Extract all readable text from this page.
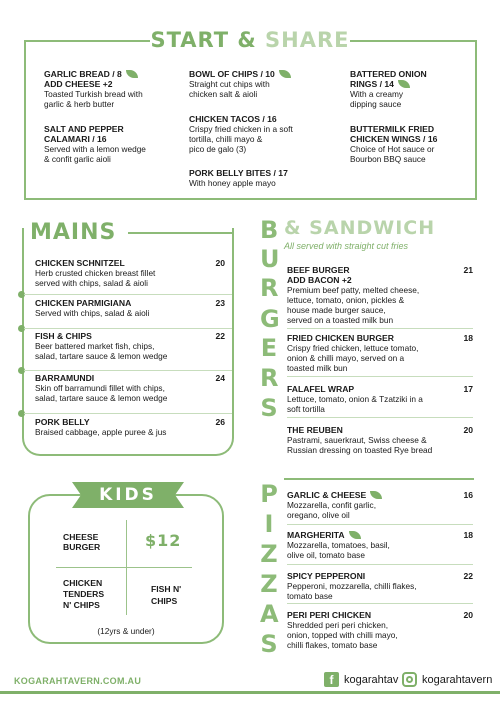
START & SHARE
GARLIC BREAD / 8
ADD CHEESE +2
Toasted Turkish bread with
garlic & herb butter
SALT AND PEPPER
CALAMARI / 16
Served with a lemon wedge
& confit garlic aioli
BOWL OF CHIPS / 10
Straight cut chips with
chicken salt & aioli
CHICKEN TACOS / 16
Crispy fried chicken in a soft
tortilla, chilli mayo &
pico de galo (3)
PORK BELLY BITES / 17
With honey apple mayo
BATTERED ONION
RINGS / 14
With a creamy
dipping sauce
BUTTERMILK FRIED
CHICKEN WINGS / 16
Choice of Hot sauce or
Bourbon BBQ sauce
MAINS
CHICKEN SCHNITZEL	20
Herb crusted chicken breast fillet
served with chips, salad & aioli
CHICKEN PARMIGIANA	23
Served with chips, salad & aioli
FISH & CHIPS	22
Beer battered market fish, chips,
salad, tartare sauce & lemon wedge
BARRAMUNDI	24
Skin off barramundi fillet with chips,
salad, tartare sauce & lemon wedge
PORK BELLY	26
Braised cabbage, apple puree & jus
KIDS
CHEESE
BURGER	$12
CHICKEN
TENDERS
N' CHIPS
FISH N'
CHIPS
(12yrs & under)
B
U
R
G
E
R
S
& SANDWICH
All served with straight cut fries
BEEF BURGER	21
ADD BACON +2
Premium beef patty, melted cheese,
lettuce, tomato, onion, pickles &
house made burger sauce,
served on a toasted milk bun
FRIED CHICKEN BURGER	18
Crispy fried chicken, lettuce tomato,
onion & chilli mayo, served on a
toasted milk bun
FALAFEL WRAP	17
Lettuce, tomato, onion & Tzatziki in a
soft tortilla
THE REUBEN	20
Pastrami, sauerkraut, Swiss cheese &
Russian dressing on toasted Rye bread
P
I
Z
Z
A
S
GARLIC & CHEESE	16
Mozzarella, confit garlic,
oregano, olive oil
MARGHERITA	18
Mozzarella, tomatoes, basil,
olive oil, tomato base
SPICY PEPPERONI	22
Pepperoni, mozzarella, chilli flakes,
tomato base
PERI PERI CHICKEN	20
Shredded peri peri chicken,
onion, topped with chilli mayo,
chilli flakes, tomato base
KOGARAHTAVERN.COM.AU	f kogarahtav kogarahtavern
